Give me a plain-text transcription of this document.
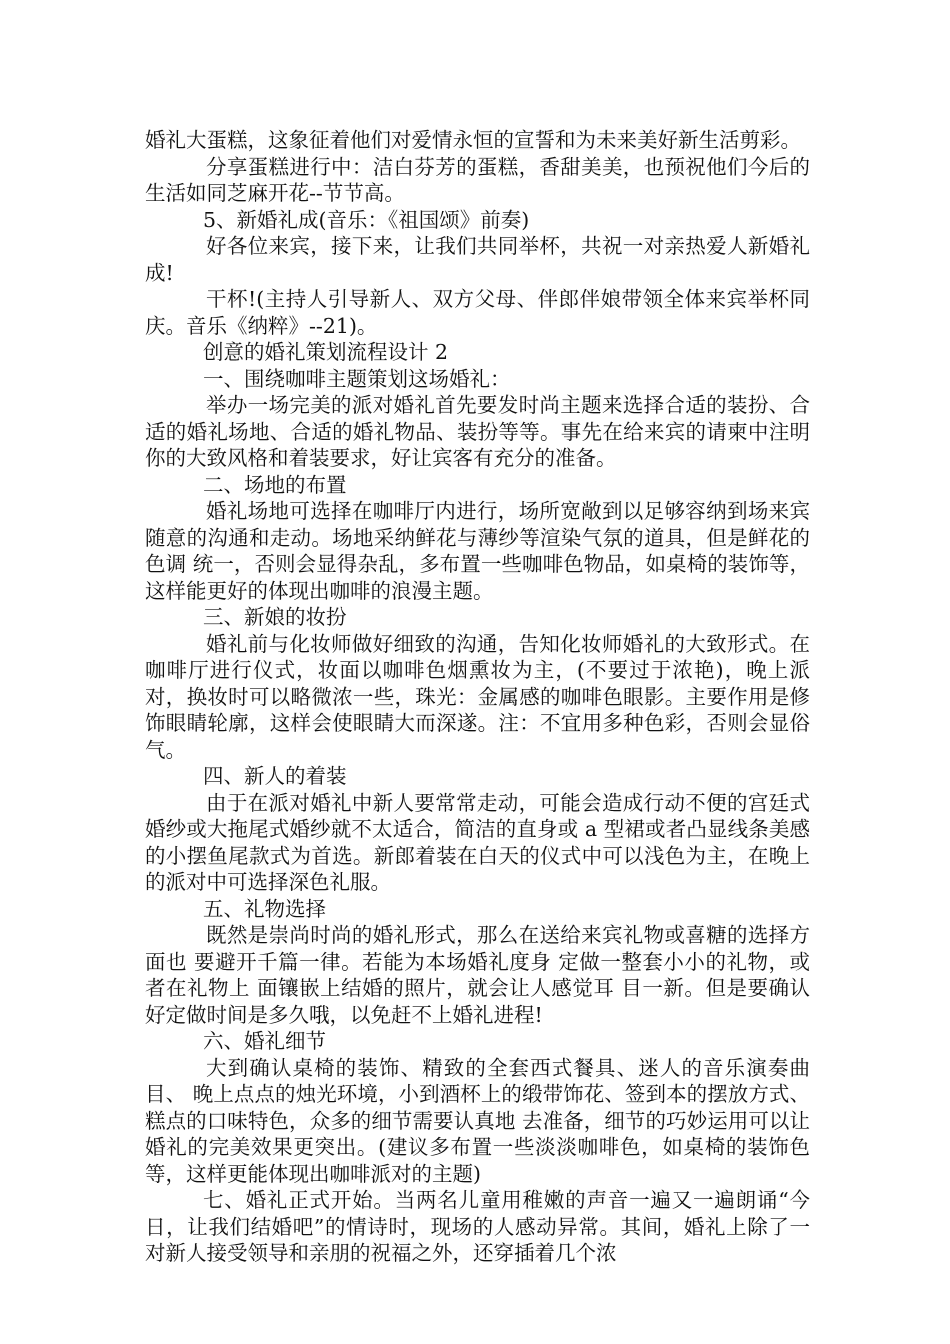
婚礼大蛋糕，这象征着他们对爱情永恒的宣誓和为未来美好新生活剪彩。

分享蛋糕进行中：洁白芬芳的蛋糕，香甜美美，也预祝他们今后的生活如同芝麻开花--节节高。

5、新婚礼成(音乐：《祖国颂》前奏)

好各位来宾，接下来，让我们共同举杯，共祝一对亲热爱人新婚礼成!

干杯!(主持人引导新人、双方父母、伴郎伴娘带领全体来宾举杯同庆。音乐《纳粹》--21)。

创意的婚礼策划流程设计 2

一、围绕咖啡主题策划这场婚礼：

举办一场完美的派对婚礼首先要发时尚主题来选择合适的装扮、合适的婚礼场地、合适的婚礼物品、装扮等等。事先在给来宾的请柬中注明你的大致风格和着装要求，好让宾客有充分的准备。

二、场地的布置

婚礼场地可选择在咖啡厅内进行，场所宽敞到以足够容纳到场来宾随意的沟通和走动。场地采纳鲜花与薄纱等渲染气氛的道具，但是鲜花的色调 统一，否则会显得杂乱，多布置一些咖啡色物品，如桌椅的装饰等，这样能更好的体现出咖啡的浪漫主题。

三、新娘的妆扮

婚礼前与化妆师做好细致的沟通，告知化妆师婚礼的大致形式。在咖啡厅进行仪式，妆面以咖啡色烟熏妆为主，(不要过于浓艳)，晚上派对，换妆时可以略微浓一些，珠光：金属感的咖啡色眼影。主要作用是修饰眼睛轮廓，这样会使眼睛大而深遂。注：不宜用多种色彩，否则会显俗气。

四、新人的着装

由于在派对婚礼中新人要常常走动，可能会造成行动不便的宫廷式婚纱或大拖尾式婚纱就不太适合，简洁的直身或 a 型裙或者凸显线条美感的小摆鱼尾款式为首选。新郎着装在白天的仪式中可以浅色为主，在晚上的派对中可选择深色礼服。

五、礼物选择

既然是崇尚时尚的婚礼形式，那么在送给来宾礼物或喜糖的选择方面也 要避开千篇一律。若能为本场婚礼度身 定做一整套小小的礼物，或者在礼物上 面镶嵌上结婚的照片，就会让人感觉耳 目一新。但是要确认好定做时间是多久哦，以免赶不上婚礼进程!

六、婚礼细节

大到确认桌椅的装饰、精致的全套西式餐具、迷人的音乐演奏曲目、 晚上点点的烛光环境，小到酒杯上的缎带饰花、签到本的摆放方式、糕点的口味特色，众多的细节需要认真地 去准备，细节的巧妙运用可以让婚礼的完美效果更突出。(建议多布置一些淡淡咖啡色，如桌椅的装饰色等，这样更能体现出咖啡派对的主题)

七、婚礼正式开始。当两名儿童用稚嫩的声音一遍又一遍朗诵“今日，让我们结婚吧”的情诗时，现场的人感动异常。其间，婚礼上除了一对新人接受领导和亲朋的祝福之外，还穿插着几个浓
